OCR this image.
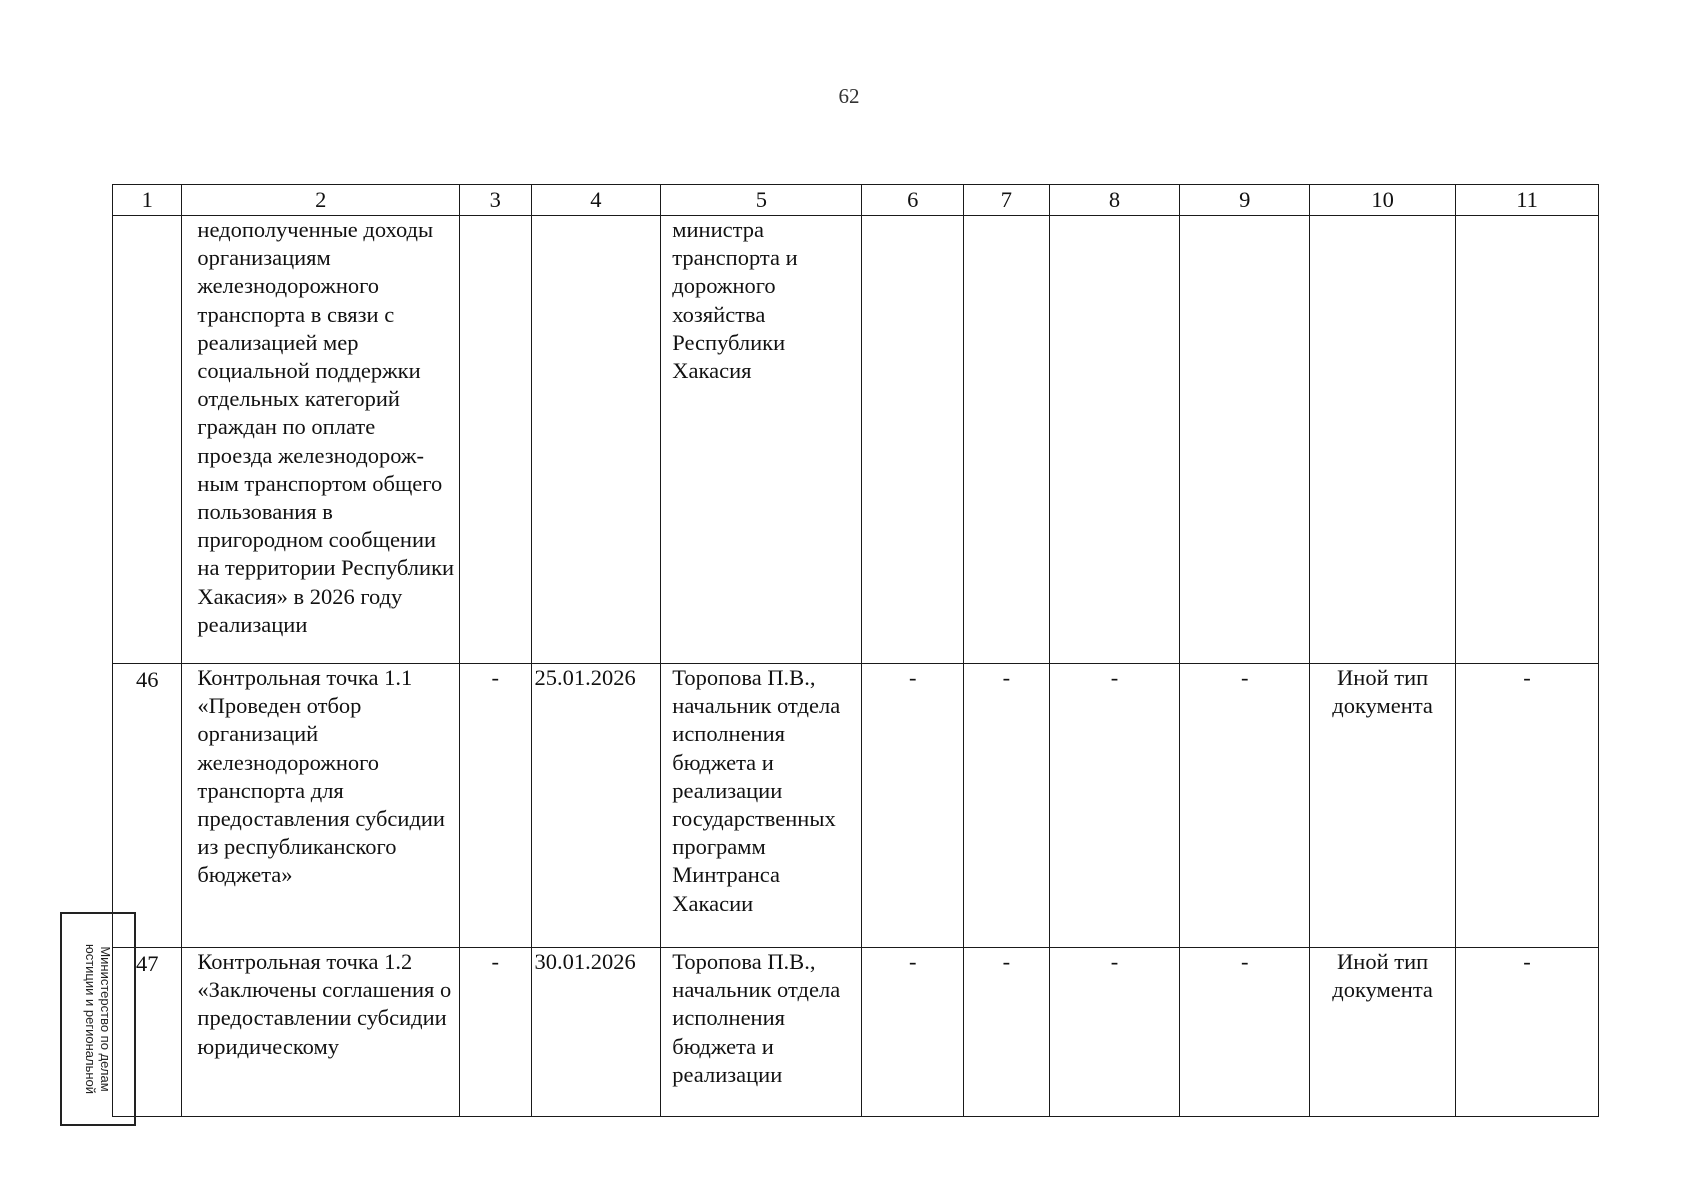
62
1	2	3	4	5	6	7	8	9	10	11
	недополученные доходы организациям железнодорожного транспорта в связи с реализацией мер социальной поддержки отдельных категорий граждан по оплате проезда железнодорож-ным транспортом общего пользования в пригородном сообщении на территории Республики Хакасия» в 2026 году реализации			министра транспорта и дорожного хозяйства Республики Хакасия						
46	Контрольная точка 1.1 «Проведен отбор организаций железнодорожного транспорта для предоставления субсидии из республиканского бюджета»	-	25.01.2026	Торопова П.В., начальник отдела исполнения бюджета и реализации государственных программ Минтранса Хакасии	-	-	-	-	Иной тип документа	-
47	Контрольная точка 1.2 «Заключены соглашения о предоставлении субсидии юридическому	-	30.01.2026	Торопова П.В., начальник отдела исполнения бюджета и реализации	-	-	-	-	Иной тип документа	-
Министерство по делам
юстиции и региональной
